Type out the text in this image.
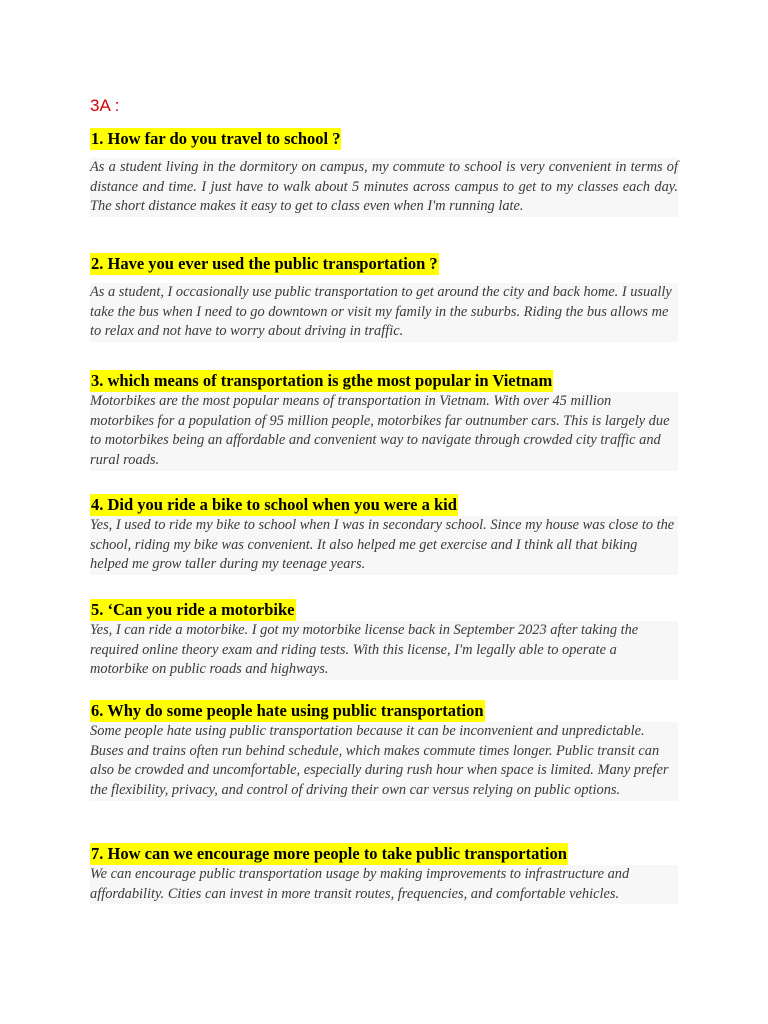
3A :

1. How far do you travel to school ?

As a student living in the dormitory on campus, my commute to school is very convenient in terms of distance and time. I just have to walk about 5 minutes across campus to get to my classes each day. The short distance makes it easy to get to class even when I'm running late.

2. Have you ever used the public transportation ?

As a student, I occasionally use public transportation to get around the city and back home. I usually take the bus when I need to go downtown or visit my family in the suburbs. Riding the bus allows me to relax and not have to worry about driving in traffic.

3. which means of transportation is gthe most popular in Vietnam

Motorbikes are the most popular means of transportation in Vietnam. With over 45 million motorbikes for a population of 95 million people, motorbikes far outnumber cars. This is largely due to motorbikes being an affordable and convenient way to navigate through crowded city traffic and rural roads.

4. Did you ride a bike to school when you were a kid

Yes, I used to ride my bike to school when I was in secondary school. Since my house was close to the school, riding my bike was convenient. It also helped me get exercise and I think all that biking helped me grow taller during my teenage years.

5. ‘Can you ride a motorbike

Yes, I can ride a motorbike. I got my motorbike license back in September 2023 after taking the required online theory exam and riding tests. With this license, I'm legally able to operate a motorbike on public roads and highways.

6. Why do some people hate using public transportation

Some people hate using public transportation because it can be inconvenient and unpredictable. Buses and trains often run behind schedule, which makes commute times longer. Public transit can also be crowded and uncomfortable, especially during rush hour when space is limited. Many prefer the flexibility, privacy, and control of driving their own car versus relying on public options.

7. How can we encourage more people to take public transportation

We can encourage public transportation usage by making improvements to infrastructure and affordability. Cities can invest in more transit routes, frequencies, and comfortable vehicles.
